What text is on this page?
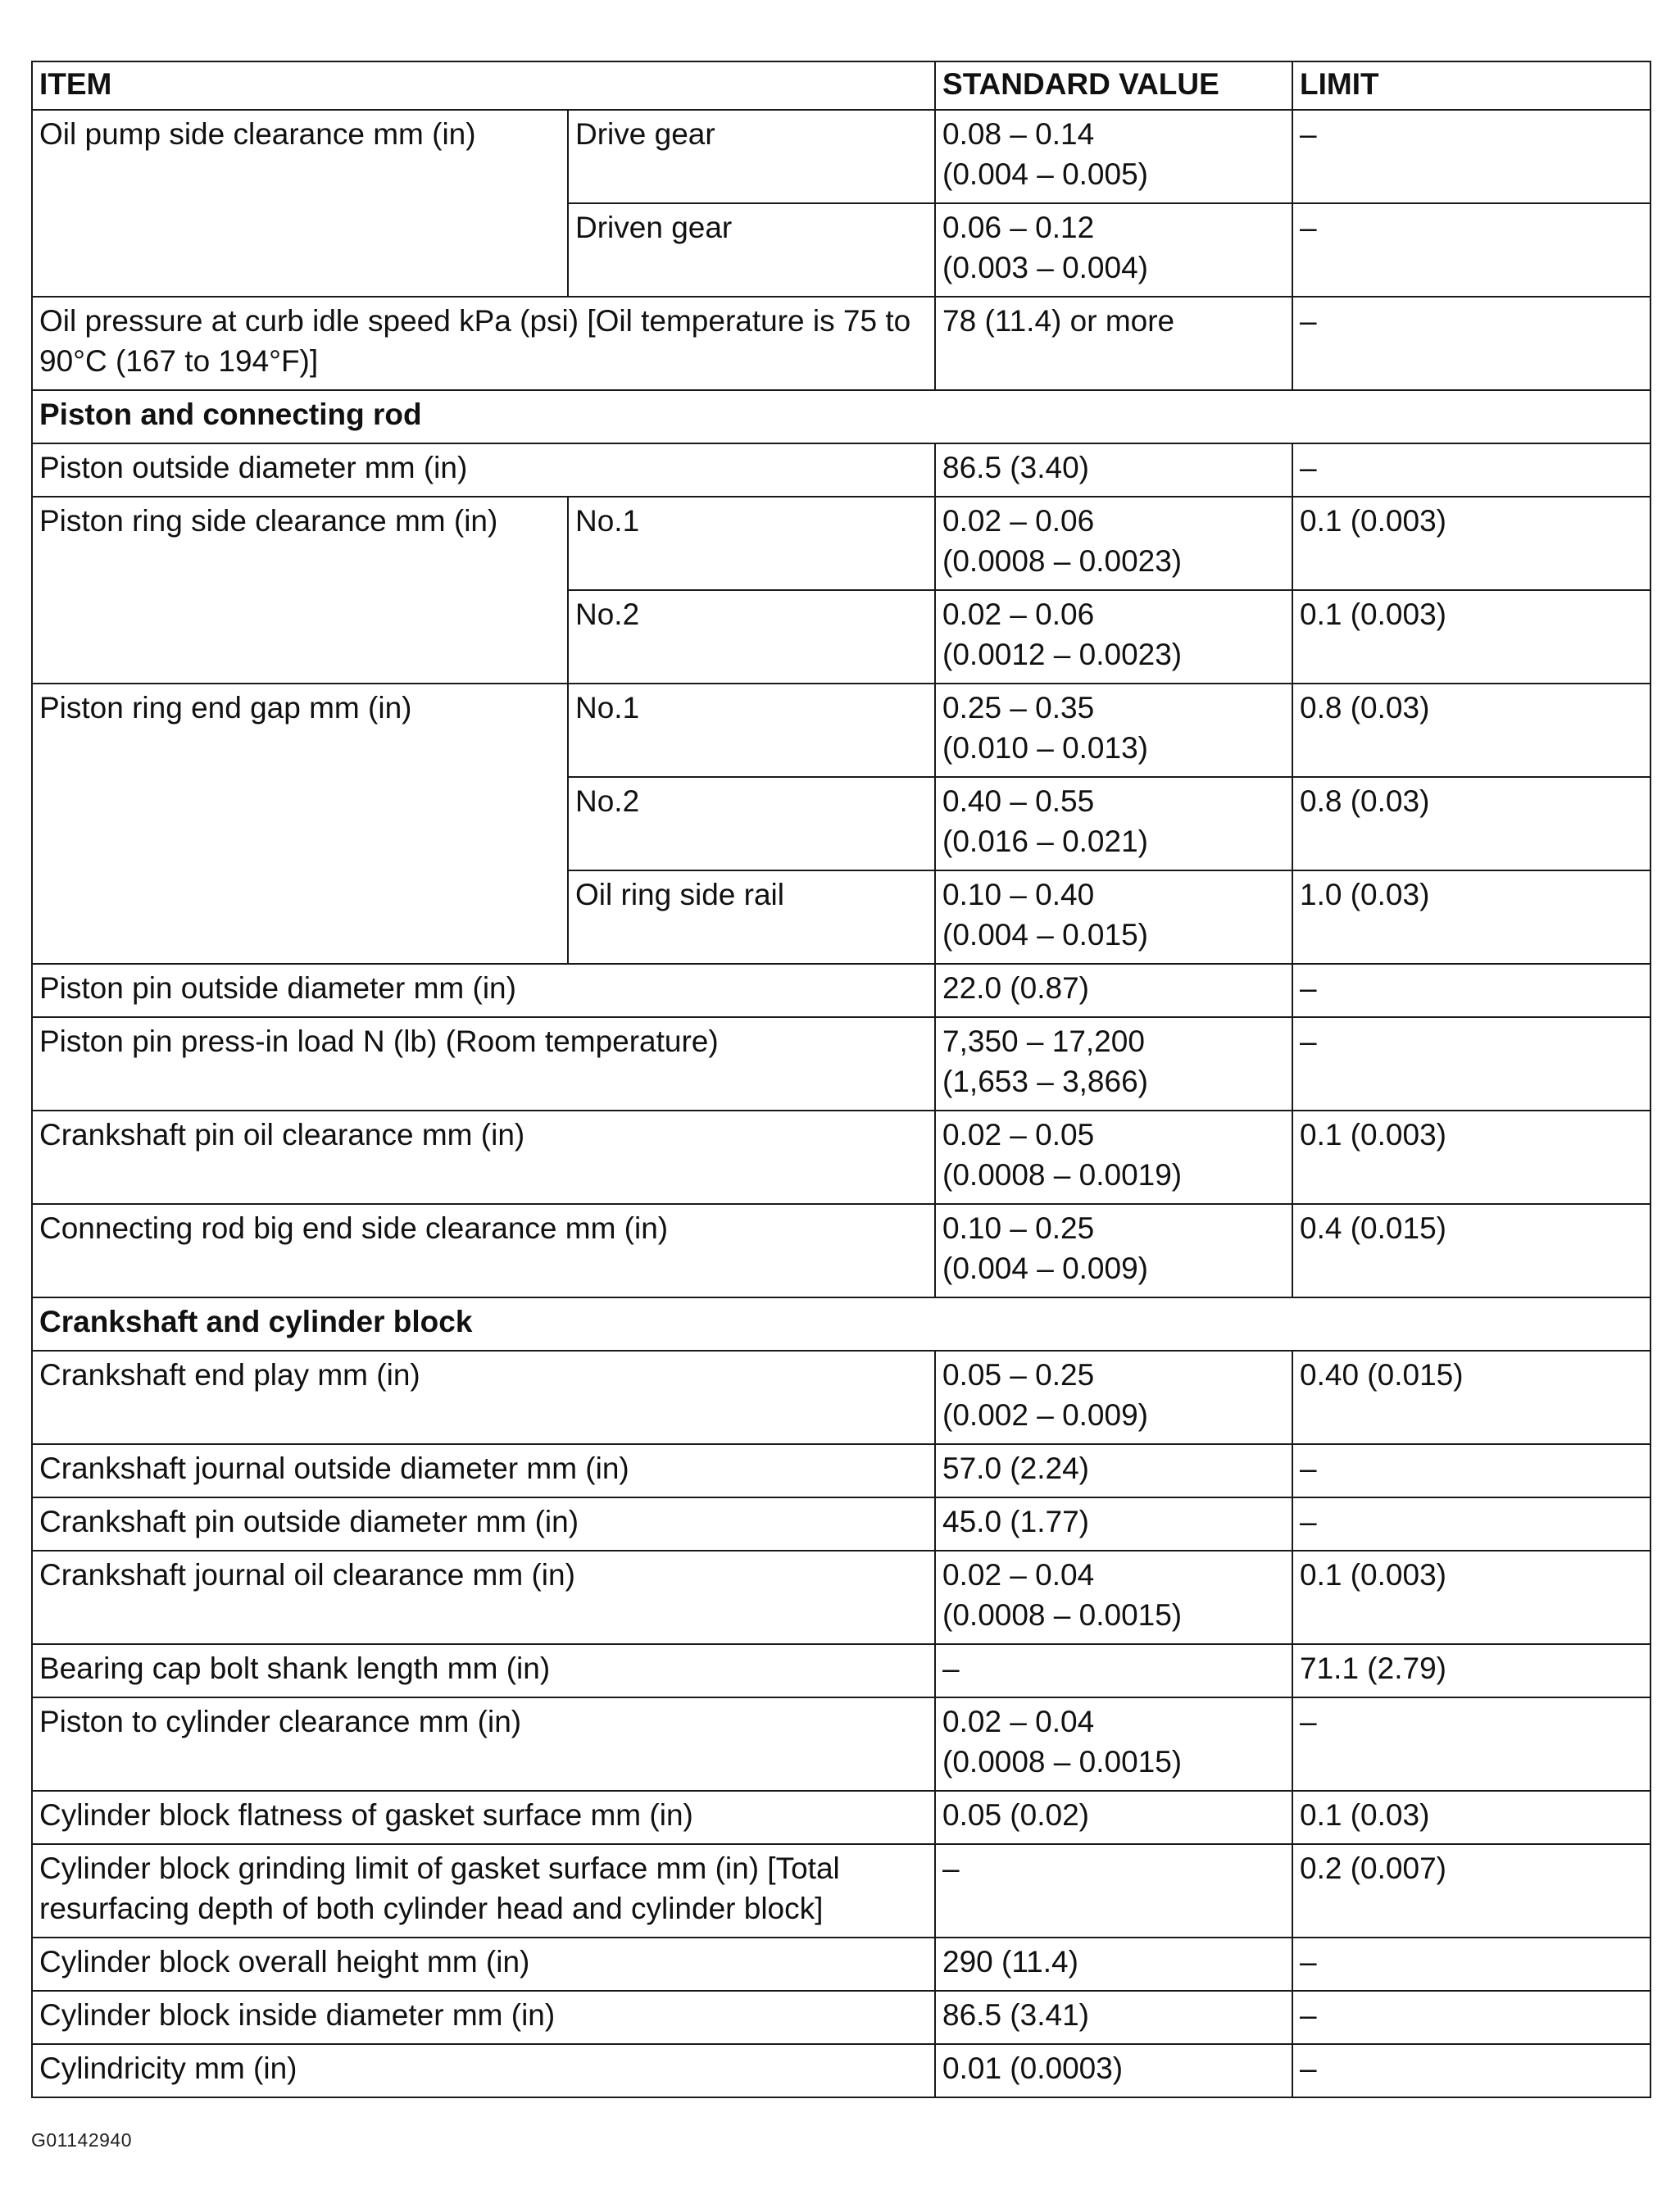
ITEM		STANDARD VALUE	LIMIT

Oil pump side clearance mm (in)	Drive gear	0.08 – 0.14
(0.004 – 0.005)	–

	Driven gear	0.06 – 0.12
(0.003 – 0.004)	–

Oil pressure at curb idle speed kPa (psi) [Oil temperature is 75 to 90°C (167 to 194°F)]		78 (11.4) or more	–

Piston and connecting rod			

Piston outside diameter mm (in)		86.5 (3.40)	–

Piston ring side clearance mm (in)	No.1	0.02 – 0.06
(0.0008 – 0.0023)	0.1 (0.003)

	No.2	0.02 – 0.06
(0.0012 – 0.0023)	0.1 (0.003)

Piston ring end gap mm (in)	No.1	0.25 – 0.35
(0.010 – 0.013)	0.8 (0.03)

	No.2	0.40 – 0.55
(0.016 – 0.021)	0.8 (0.03)

	Oil ring side rail	0.10 – 0.40
(0.004 – 0.015)	1.0 (0.03)

Piston pin outside diameter mm (in)		22.0 (0.87)	–

Piston pin press-in load N (lb) (Room temperature)		7,350 – 17,200
(1,653 – 3,866)	–

Crankshaft pin oil clearance mm (in)		0.02 – 0.05
(0.0008 – 0.0019)	0.1 (0.003)

Connecting rod big end side clearance mm (in)		0.10 – 0.25
(0.004 – 0.009)	0.4 (0.015)

Crankshaft and cylinder block			

Crankshaft end play mm (in)		0.05 – 0.25
(0.002 – 0.009)	0.40 (0.015)

Crankshaft journal outside diameter mm (in)		57.0 (2.24)	–

Crankshaft pin outside diameter mm (in)		45.0 (1.77)	–

Crankshaft journal oil clearance mm (in)		0.02 – 0.04
(0.0008 – 0.0015)	0.1 (0.003)

Bearing cap bolt shank length mm (in)		–	71.1 (2.79)

Piston to cylinder clearance mm (in)		0.02 – 0.04
(0.0008 – 0.0015)	–

Cylinder block flatness of gasket surface mm (in)		0.05 (0.02)	0.1 (0.03)

Cylinder block grinding limit of gasket surface mm (in) [Total resurfacing depth of both cylinder head and cylinder block]		–	0.2 (0.007)

Cylinder block overall height mm (in)		290 (11.4)	–

Cylinder block inside diameter mm (in)		86.5 (3.41)	–

Cylindricity mm (in)		0.01 (0.0003)	–
G01142940
